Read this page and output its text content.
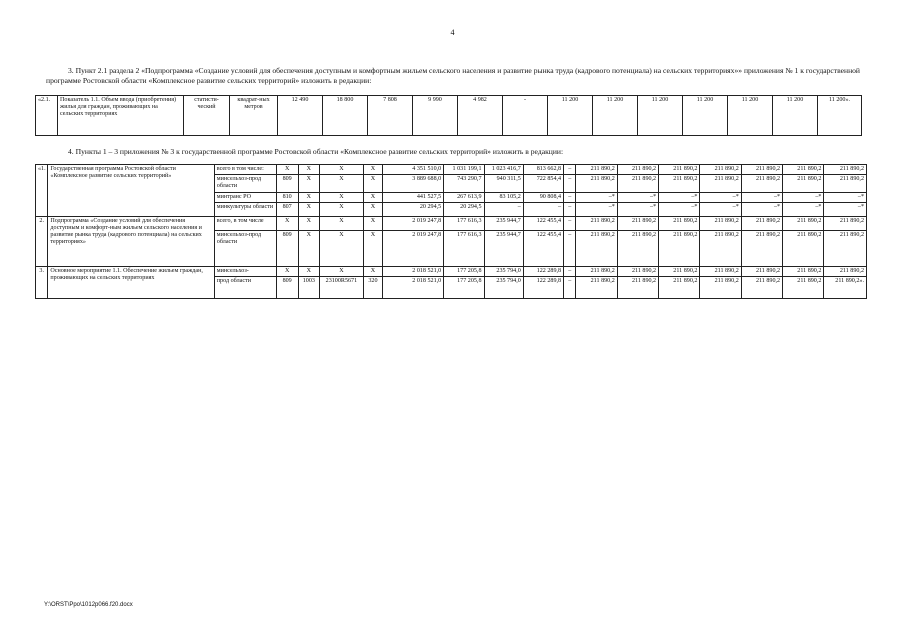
4

3. Пункт 2.1 раздела 2 «Подпрограмма «Создание условий для обеспечения доступным и комфортным жильем сельского населения и развитие рынка труда (кадрового потенциала) на сельских территориях»» приложения № 1 к государственной программе Ростовской области «Комплексное развитие сельских территорий» изложить в редакции:

«2.1.	Показатель 1.1. Объем ввода (приобретения) жилья для граждан, проживающих на сельских территориях	статисти-ческий	квадрат-ных метров	12 490	18 800	7 808	9 990	4 982	-	11 200	11 200	11 200	11 200	11 200	11 200	11 200».

4. Пункты 1 – 3 приложения № 3 к государственной программе Ростовской области «Комплексное развитие сельских территорий» изложить в редакции:

«1.	Государственная программа Ростовской области «Комплексное развитие сельских территорий»	всего в том числе:	X	X	X	X	4 351 510,0	1 031 199,1	1 023 416,7	813 662,8	–	211 890,2	211 890,2	211 890,2	211 890,2	211 890,2	211 890,2	211 890,2
		минсельхоз-прод области	809	X	X	X	3 889 688,0	743 290,7	940 311,5	722 854,4	–	211 890,2	211 890,2	211 890,2	211 890,2	211 890,2	211 890,2	211 890,2
		минтранс РО	810	X	X	X	441 527,5	267 613,9	83 105,2	90 808,4	–	–*	–*	–*	–*	–*	–*	–*
		минкультуры области	807	X	X	X	20 294,5	20 294,5	–	–	–	–*	–*	–*	–*	–*	–*	–*
2.	Подпрограмма «Создание условий для обеспечения доступным и комфорт-ным жильем сельского населения и развитие рынка труда (кадрового потенциала) на сельских территориях»	всего, в том числе	X	X	X	X	2 019 247,8	177 616,3	235 944,7	122 455,4	–	211 890,2	211 890,2	211 890,2	211 890,2	211 890,2	211 890,2	211 890,2
		минсельхоз-прод области	809	X	X	X	2 019 247,8	177 616,3	235 944,7	122 455,4	–	211 890,2	211 890,2	211 890,2	211 890,2	211 890,2	211 890,2	211 890,2
3.	Основное мероприятие 1.1. Обеспечение жильем граждан, проживающих на сельских территориях	минсельхоз-	X	X	X	X	2 018 521,0	177 205,8	235 794,0	122 289,8	–	211 890,2	211 890,2	211 890,2	211 890,2	211 890,2	211 890,2	211 890,2
		прод области	809	1003	23100R5671	320	2 018 521,0	177 205,8	235 794,0	122 289,8	–	211 890,2	211 890,2	211 890,2	211 890,2	211 890,2	211 890,2	211 890,2».
Y:\ORST\Ppo\1012p066.f20.docx
